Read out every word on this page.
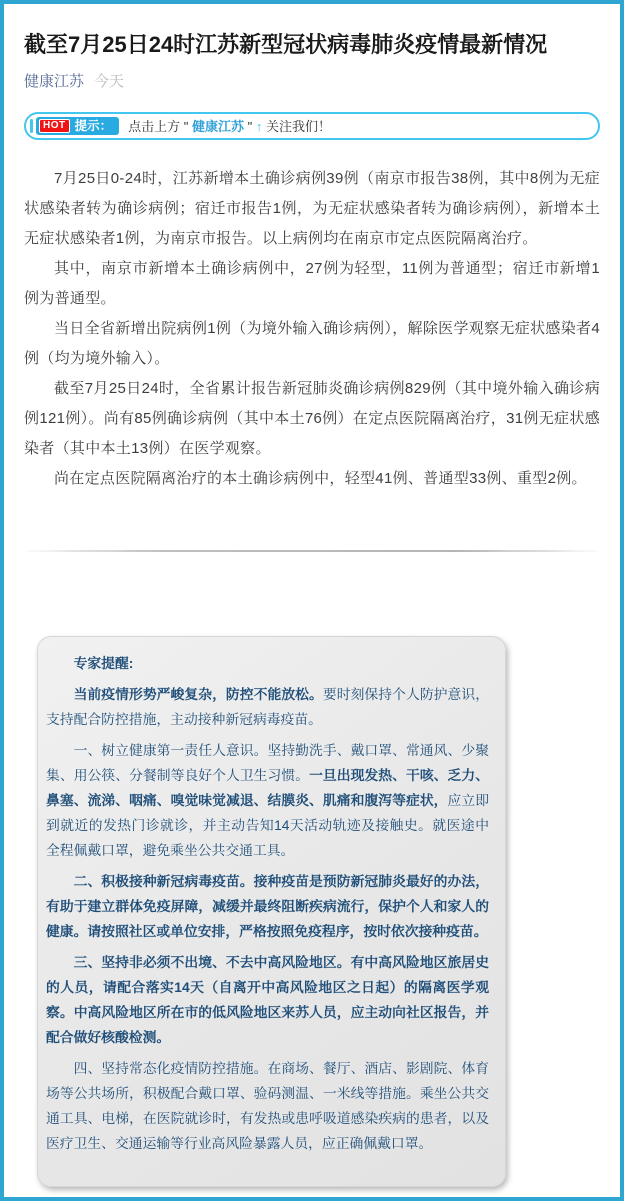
截至7月25日24时江苏新型冠状病毒肺炎疫情最新情况
健康江苏 今天
HOT 提示： 点击上方 " 健康江苏 " ↑ 关注我们！

7月25日0-24时，江苏新增本土确诊病例39例（南京市报告38例，其中8例为无症状感染者转为确诊病例；宿迁市报告1例，为无症状感染者转为确诊病例），新增本土无症状感染者1例，为南京市报告。以上病例均在南京市定点医院隔离治疗。

其中，南京市新增本土确诊病例中，27例为轻型，11例为普通型；宿迁市新增1例为普通型。

当日全省新增出院病例1例（为境外输入确诊病例），解除医学观察无症状感染者4例（均为境外输入）。

截至7月25日24时，全省累计报告新冠肺炎确诊病例829例（其中境外输入确诊病例121例）。尚有85例确诊病例（其中本土76例）在定点医院隔离治疗，31例无症状感染者（其中本土13例）在医学观察。

尚在定点医院隔离治疗的本土确诊病例中，轻型41例、普通型33例、重型2例。

专家提醒:

当前疫情形势严峻复杂，防控不能放松。要时刻保持个人防护意识，支持配合防控措施，主动接种新冠病毒疫苗。

一、树立健康第一责任人意识。坚持勤洗手、戴口罩、常通风、少聚集、用公筷、分餐制等良好个人卫生习惯。一旦出现发热、干咳、乏力、鼻塞、流涕、咽痛、嗅觉味觉减退、结膜炎、肌痛和腹泻等症状，应立即到就近的发热门诊就诊，并主动告知14天活动轨迹及接触史。就医途中全程佩戴口罩，避免乘坐公共交通工具。

二、积极接种新冠病毒疫苗。接种疫苗是预防新冠肺炎最好的办法，有助于建立群体免疫屏障，减缓并最终阻断疾病流行，保护个人和家人的健康。请按照社区或单位安排，严格按照免疫程序，按时依次接种疫苗。

三、坚持非必须不出境、不去中高风险地区。有中高风险地区旅居史的人员，请配合落实14天（自离开中高风险地区之日起）的隔离医学观察。中高风险地区所在市的低风险地区来苏人员，应主动向社区报告，并配合做好核酸检测。

四、坚持常态化疫情防控措施。在商场、餐厅、酒店、影剧院、体育场等公共场所，积极配合戴口罩、验码测温、一米线等措施。乘坐公共交通工具、电梯，在医院就诊时，有发热或患呼吸道感染疾病的患者，以及医疗卫生、交通运输等行业高风险暴露人员，应正确佩戴口罩。
